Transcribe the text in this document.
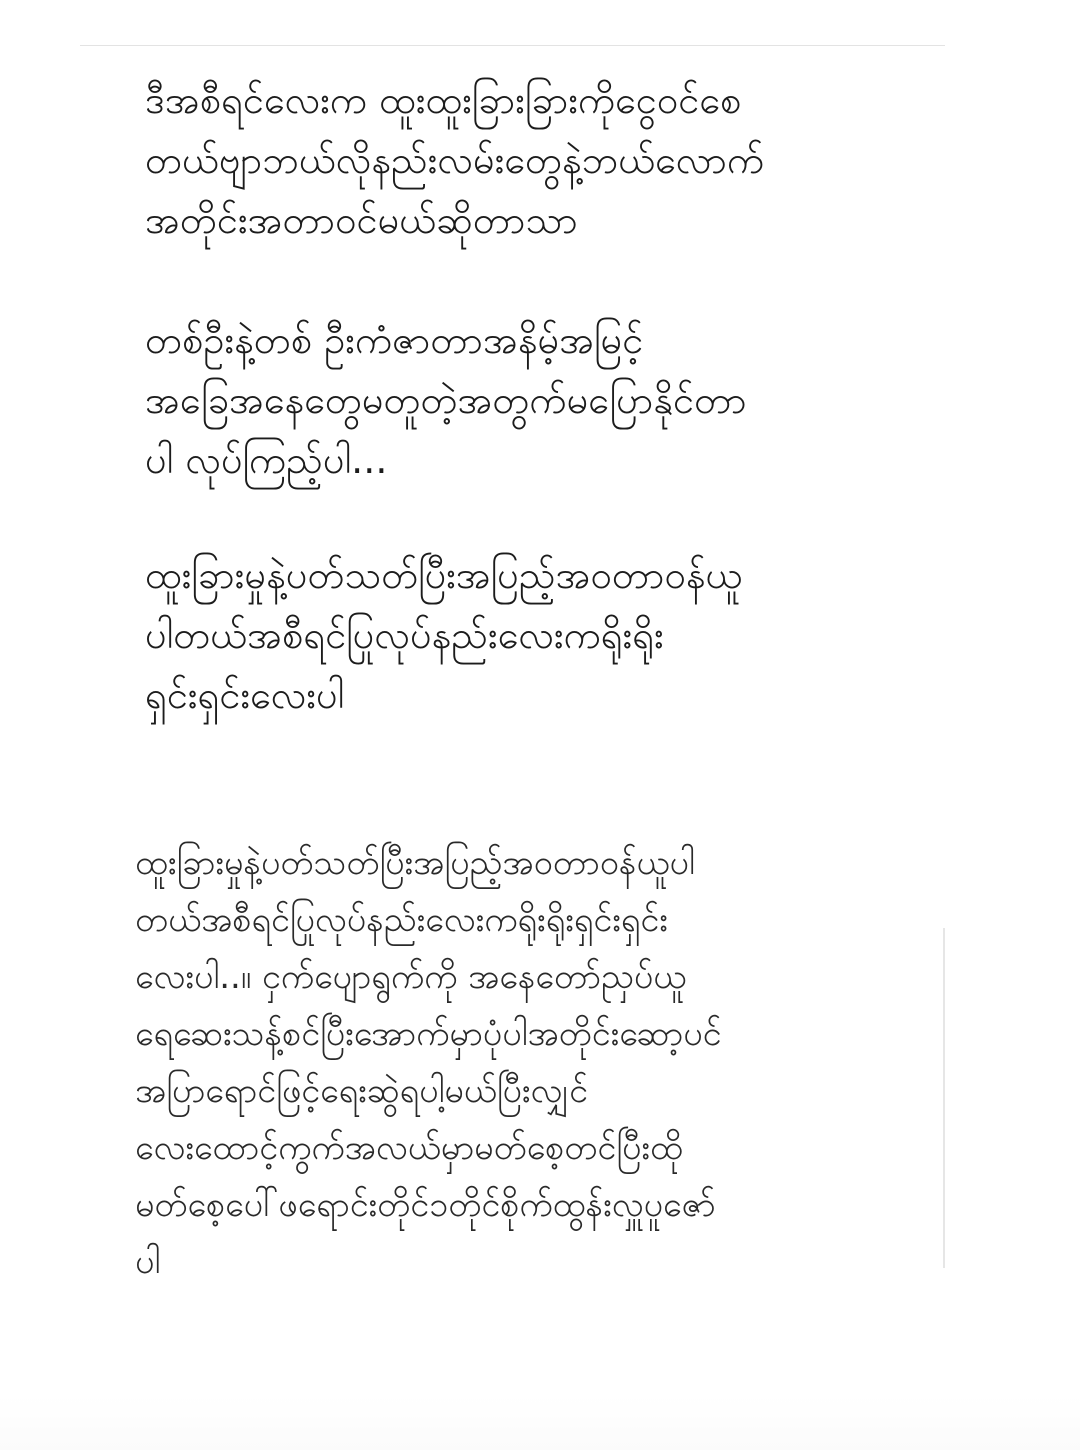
ဒီအစီရင်လေးက ထူးထူးခြားခြားကိုငွေ၀င်စေ
တယ်ဗျာဘယ်လိုနည်းလမ်းတွေနဲ့ဘယ်လောက်
အတိုင်းအတာ၀င်မယ်ဆိုတာသာ
တစ်ဦးနဲ့တစ် ဦးကံဇာတာအနိမ့်အမြင့်
အခြေအနေတွေမတူတဲ့အတွက်မပြောနိုင်တာ
ပါ လုပ်ကြည့်ပါ...
ထူးခြားမှုနဲ့ပတ်သတ်ပြီးအပြည့်အ၀တာ၀န်ယူ
ပါတယ်အစီရင်ပြုလုပ်နည်းလေးကရိုးရိုး
ရှင်းရှင်းလေးပါ
ထူးခြားမှုနဲ့ပတ်သတ်ပြီးအပြည့်အ၀တာ၀န်ယူပါ
တယ်အစီရင်ပြုလုပ်နည်းလေးကရိုးရိုးရှင်းရှင်း
လေးပါ..။ ငှက်ပျောရွက်ကို အနေတော်ညှပ်ယူ
ရေဆေးသန့်စင်ပြီးအောက်မှာပုံပါအတိုင်းဆော့ပင်
အပြာရောင်ဖြင့်ရေးဆွဲရပါ့မယ်ပြီးလျှင်
လေးထောင့်ကွက်အလယ်မှာမတ်စေ့တင်ပြီးထို
မတ်စေ့ပေါ်ဖရောင်းတိုင်၁တိုင်စိုက်ထွန်းလှူပူဇော်
ပါ
